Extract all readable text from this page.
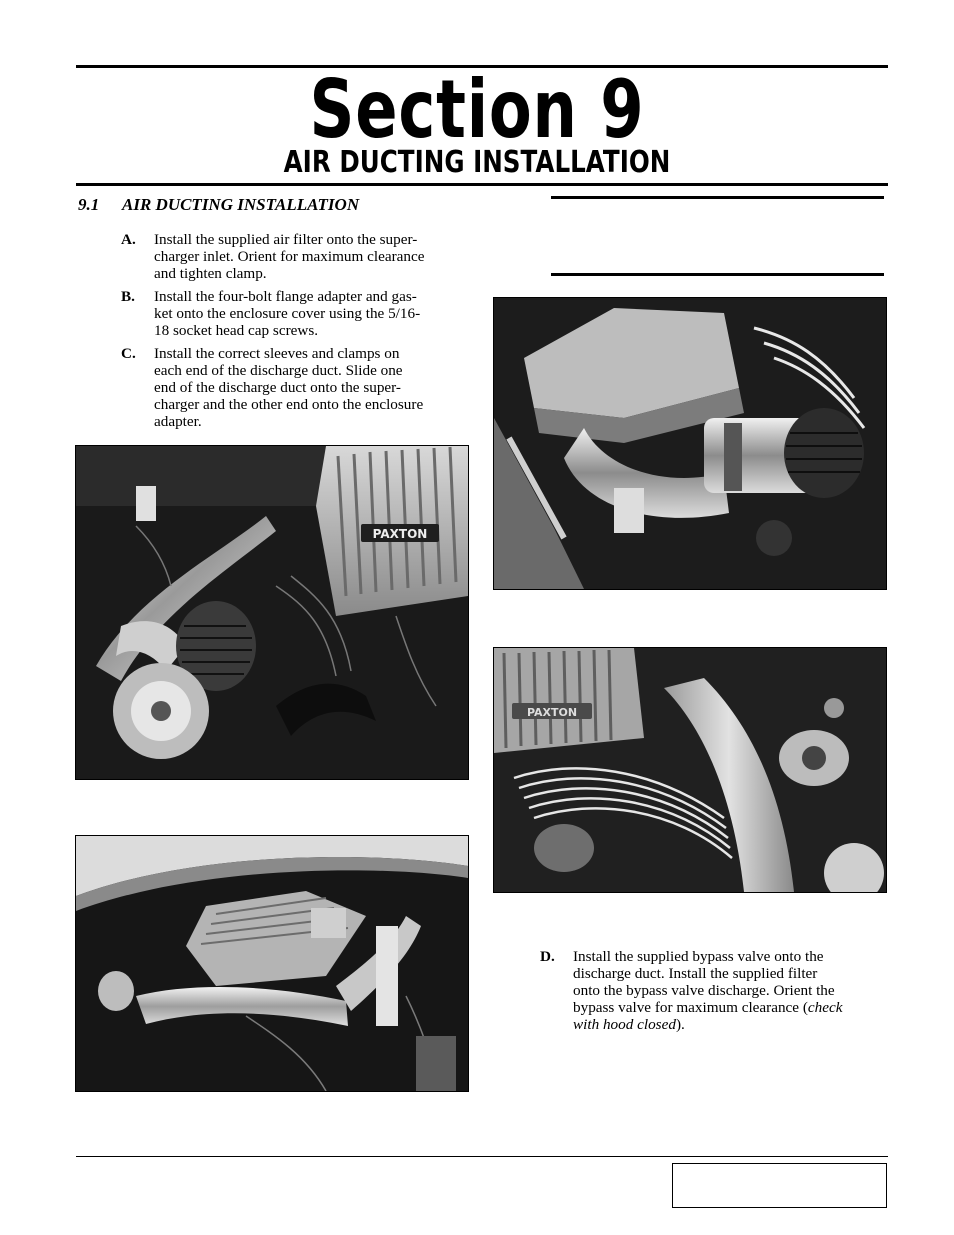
Section 9
AIR DUCTING INSTALLATION
9.1 AIR DUCTING INSTALLATION
A. Install the supplied air filter onto the super-
charger inlet. Orient for maximum clearance
and tighten clamp.
B. Install the four-bolt flange adapter and gas-
ket onto the enclosure cover using the 5/16-
18 socket head cap screws.
C. Install the correct sleeves and clamps on
each end of the discharge duct. Slide one
end of the discharge duct onto the super-
charger and the other end onto the enclosure
adapter.
PAXTON
PAXTON
D. Install the supplied bypass valve onto the
discharge duct. Install the supplied filter
onto the bypass valve discharge. Orient the
bypass valve for maximum clearance (check
with hood closed).
